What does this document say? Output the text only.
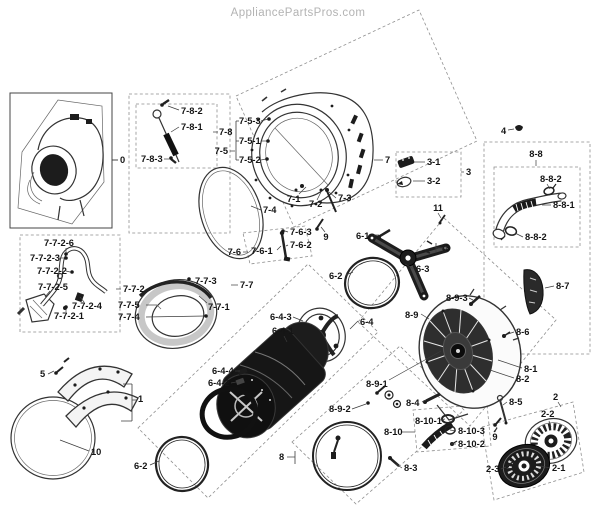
AppliancePartsPros.com
0
7-8-2
7-8-1 7-8
7-8-3
7-5-3
7-5-1
7-5-2
7-5
7	3-1
3-2
3
4
8-8
8-8-2
8-8-1
8-8-2
11
7-4
7-1 7-2
7-3
7-6 7-6-1
7-6-3
7-6-2
9	6-1
6
6-3
6-2
8-9
8-9-3
8-7
8-6
8-1
8-2
8-5	2
7-7-2-6
7-7-2-3
7-7-2-2
7-7-2-5
7-7-2-4
7-7-2-1
7-7-2
7-7-3	7-7
7-7-5
7-7-4
7-7-1
6-4-3
6-4-1
6-4-4
6-4-2
6-4
8-9-1
8-9-2
8-4
8-10-1
8-10	8-10-3
8-10-2
8-3
9
2-2
2-1
2-3
5
1
10
6-2
8
